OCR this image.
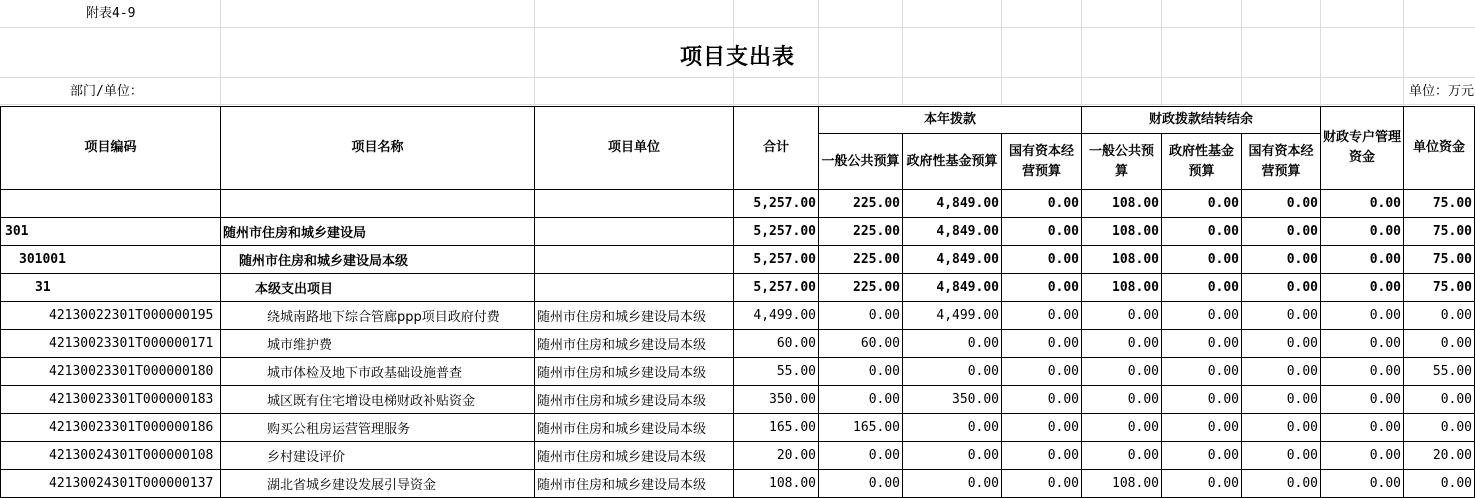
附表4-9
项目支出表
部门/单位：	单位：万元
项目编码	项目名称	项目单位	合计	本年拨款			财政拨款结转结余			财政专户管理资金	单位资金
				一般公共预算	政府性基金预算	国有资本经营预算	一般公共预算	政府性基金预算	国有资本经营预算		
			5,257.00	225.00	4,849.00	0.00	108.00	0.00	0.00	0.00	75.00
301	随州市住房和城乡建设局		5,257.00	225.00	4,849.00	0.00	108.00	0.00	0.00	0.00	75.00
301001	随州市住房和城乡建设局本级		5,257.00	225.00	4,849.00	0.00	108.00	0.00	0.00	0.00	75.00
31	本级支出项目		5,257.00	225.00	4,849.00	0.00	108.00	0.00	0.00	0.00	75.00
42130022301T000000195	绕城南路地下综合管廊ppp项目政府付费	随州市住房和城乡建设局本级	4,499.00	0.00	4,499.00	0.00	0.00	0.00	0.00	0.00	0.00
42130023301T000000171	城市维护费	随州市住房和城乡建设局本级	60.00	60.00	0.00	0.00	0.00	0.00	0.00	0.00	0.00
42130023301T000000180	城市体检及地下市政基础设施普查	随州市住房和城乡建设局本级	55.00	0.00	0.00	0.00	0.00	0.00	0.00	0.00	55.00
42130023301T000000183	城区既有住宅增设电梯财政补贴资金	随州市住房和城乡建设局本级	350.00	0.00	350.00	0.00	0.00	0.00	0.00	0.00	0.00
42130023301T000000186	购买公租房运营管理服务	随州市住房和城乡建设局本级	165.00	165.00	0.00	0.00	0.00	0.00	0.00	0.00	0.00
42130024301T000000108	乡村建设评价	随州市住房和城乡建设局本级	20.00	0.00	0.00	0.00	0.00	0.00	0.00	0.00	20.00
42130024301T000000137	湖北省城乡建设发展引导资金	随州市住房和城乡建设局本级	108.00	0.00	0.00	0.00	108.00	0.00	0.00	0.00	0.00
